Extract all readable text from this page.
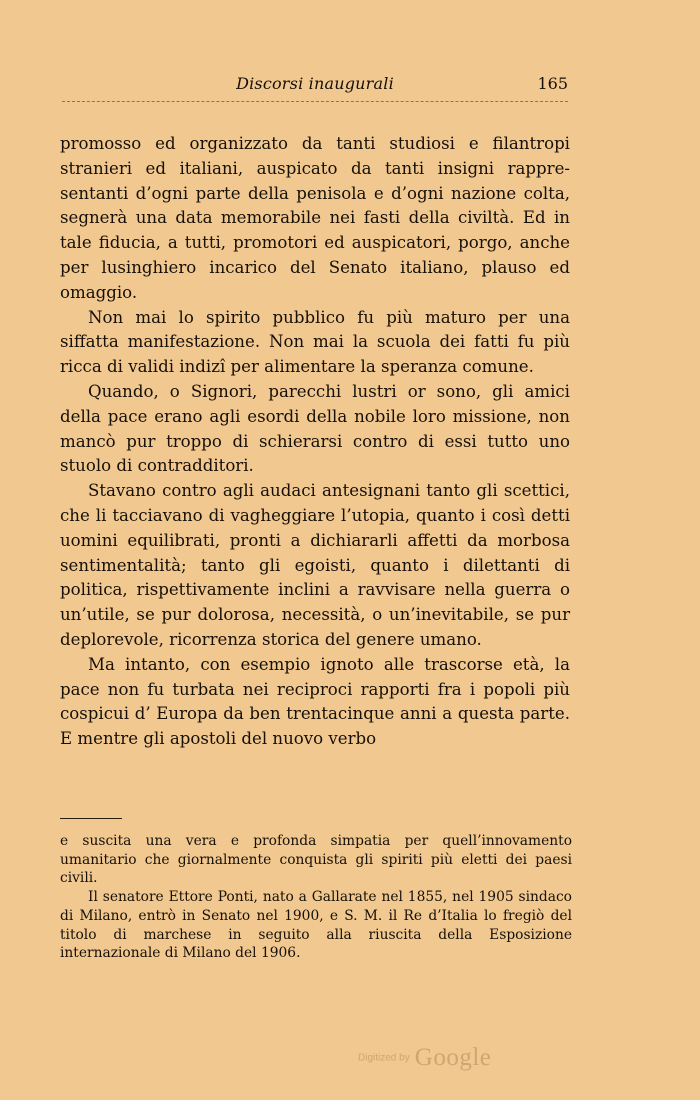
Discorsi inaugurali	165

promosso ed organizzato da tanti studiosi e filantropi stranieri ed italiani, auspicato da tanti insigni rappresentanti d’ogni parte della penisola e d’ogni nazione colta, segnerà una data memorabile nei fasti della civiltà. Ed in tale fiducia, a tutti, promotori ed auspicatori, porgo, anche per lusinghiero incarico del Senato italiano, plauso ed omaggio.

Non mai lo spirito pubblico fu più maturo per una siffatta manifestazione. Non mai la scuola dei fatti fu più ricca di validi indizî per alimentare la speranza comune.

Quando, o Signori, parecchi lustri or sono, gli amici della pace erano agli esordi della nobile loro missione, non mancò pur troppo di schierarsi contro di essi tutto uno stuolo di contradditori.

Stavano contro agli audaci antesignani tanto gli scettici, che li tacciavano di vagheggiare l’utopia, quanto i così detti uomini equilibrati, pronti a dichiararli affetti da morbosa sentimentalità; tanto gli egoisti, quanto i dilettanti di politica, rispettivamente inclini a ravvisare nella guerra o un’utile, se pur dolorosa, necessità, o un’inevitabile, se pur deplorevole, ricorrenza storica del genere umano.

Ma intanto, con esempio ignoto alle trascorse età, la pace non fu turbata nei reciproci rapporti fra i popoli più cospicui d’ Europa da ben trentacinque anni a questa parte. E mentre gli apostoli del nuovo verbo

e suscita una vera e profonda simpatia per quell’innovamento umanitario che giornalmente conquista gli spiriti più eletti dei paesi civili.

Il senatore Ettore Ponti, nato a Gallarate nel 1855, nel 1905 sindaco di Milano, entrò in Senato nel 1900, e S. M. il Re d’Italia lo fregiò del titolo di marchese in seguito alla riuscita della Esposizione internazionale di Milano del 1906.

Digitized by Google
